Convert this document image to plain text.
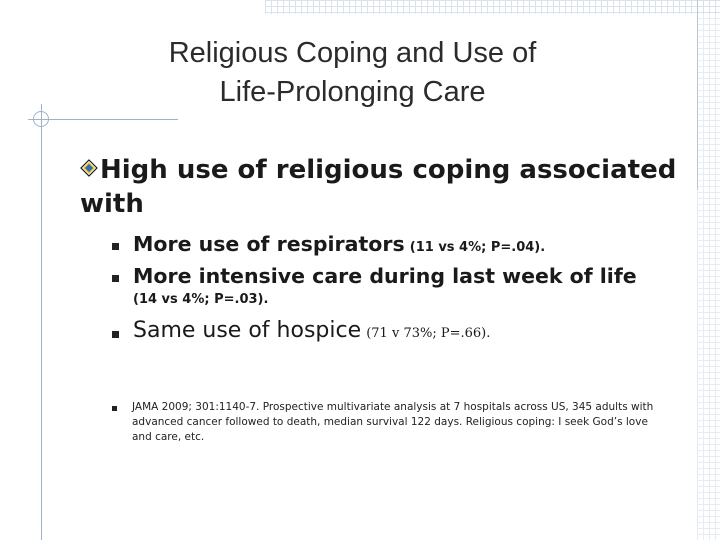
Religious Coping and Use of
Life-Prolonging Care
High use of religious coping associated
with
More use of respirators (11 vs 4%; P=.04).
More intensive care during last week of life
(14 vs 4%; P=.03).
Same use of hospice (71 v 73%; P=.66).
JAMA 2009; 301:1140-7. Prospective multivariate analysis at 7 hospitals across US, 345 adults with advanced cancer followed to death, median survival 122 days. Religious coping: I seek God’s love and care, etc.
